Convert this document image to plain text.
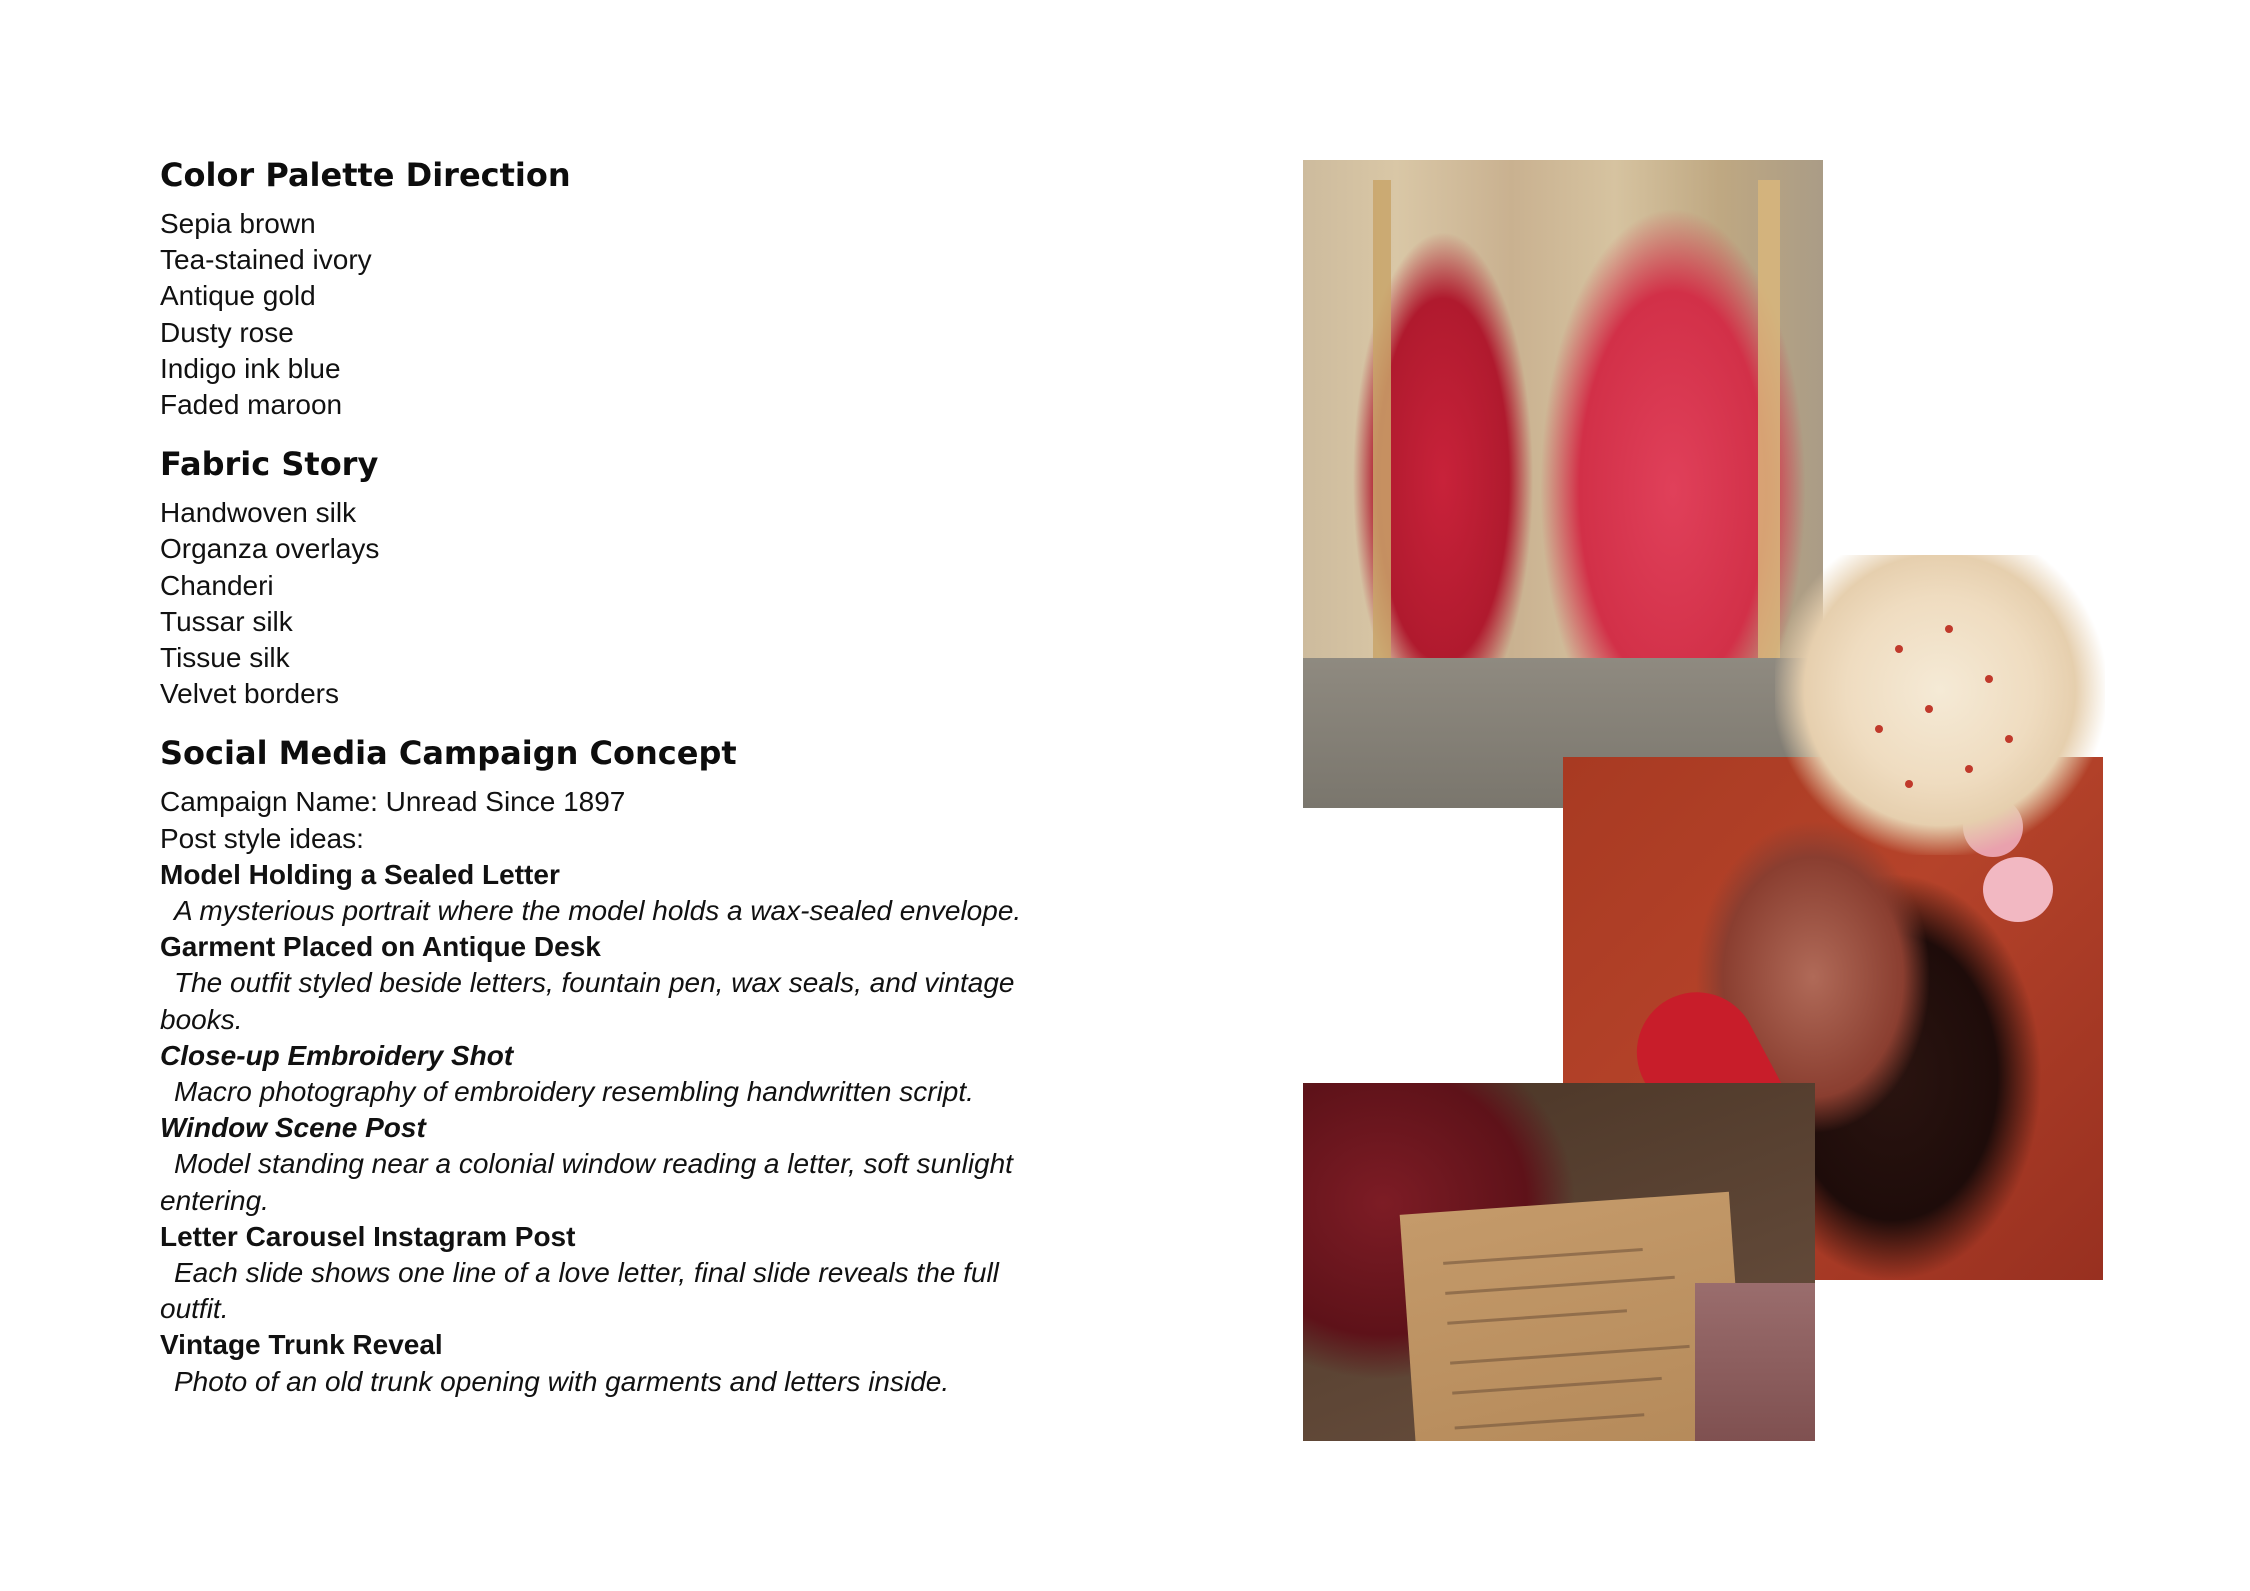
Color Palette Direction
Sepia brown
Tea-stained ivory
Antique gold
Dusty rose
Indigo ink blue
Faded maroon
Fabric Story
Handwoven silk
Organza overlays
Chanderi
Tussar silk
Tissue silk
Velvet borders
Social Media Campaign Concept
Campaign Name: Unread Since 1897
Post style ideas:
Model Holding a Sealed Letter
A mysterious portrait where the model holds a wax-sealed envelope.
Garment Placed on Antique Desk
The outfit styled beside letters, fountain pen, wax seals, and vintage books.
Close-up Embroidery Shot
Macro photography of embroidery resembling handwritten script.
Window Scene Post
Model standing near a colonial window reading a letter, soft sunlight entering.
Letter Carousel Instagram Post
Each slide shows one line of a love letter, final slide reveals the full outfit.
Vintage Trunk Reveal
Photo of an old trunk opening with garments and letters inside.
